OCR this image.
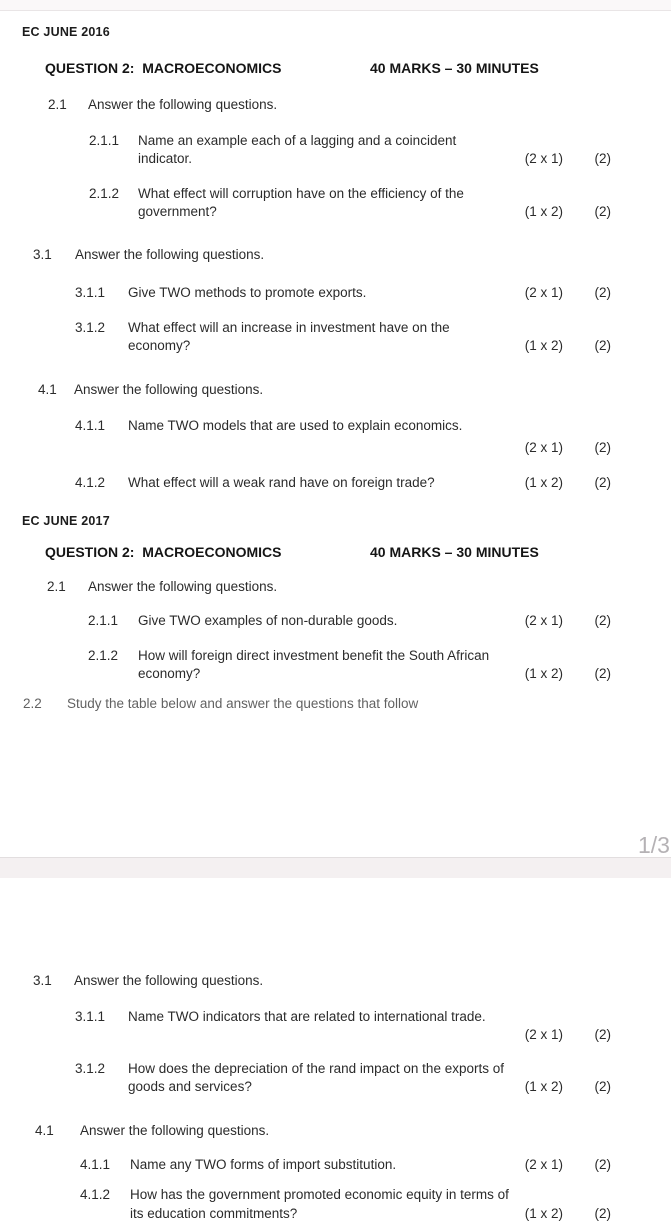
EC JUNE 2016
QUESTION 2:  MACROECONOMICS	40 MARKS – 30 MINUTES
2.1 Answer the following questions.
2.1.1 Name an example each of a lagging and a coincident
indicator.	(2 x 1) (2)
2.1.2 What effect will corruption have on the efficiency of the
government?	(1 x 2) (2)
3.1 Answer the following questions.
3.1.1 Give TWO methods to promote exports.	(2 x 1) (2)
3.1.2 What effect will an increase in investment have on the
economy?	(1 x 2) (2)
4.1 Answer the following questions.
4.1.1 Name TWO models that are used to explain economics.
(2 x 1) (2)
4.1.2 What effect will a weak rand have on foreign trade?	(1 x 2) (2)
EC JUNE 2017
QUESTION 2:  MACROECONOMICS	40 MARKS – 30 MINUTES
2.1 Answer the following questions.
2.1.1 Give TWO examples of non-durable goods.	(2 x 1) (2)
2.1.2 How will foreign direct investment benefit the South African
economy?	(1 x 2) (2)
2.2 Study the table below and answer the questions that follow
1/3
3.1 Answer the following questions.
3.1.1 Name TWO indicators that are related to international trade.
(2 x 1) (2)
3.1.2 How does the depreciation of the rand impact on the exports of
goods and services?	(1 x 2) (2)
4.1 Answer the following questions.
4.1.1 Name any TWO forms of import substitution.	(2 x 1) (2)
4.1.2 How has the government promoted economic equity in terms of
its education commitments?	(1 x 2) (2)
